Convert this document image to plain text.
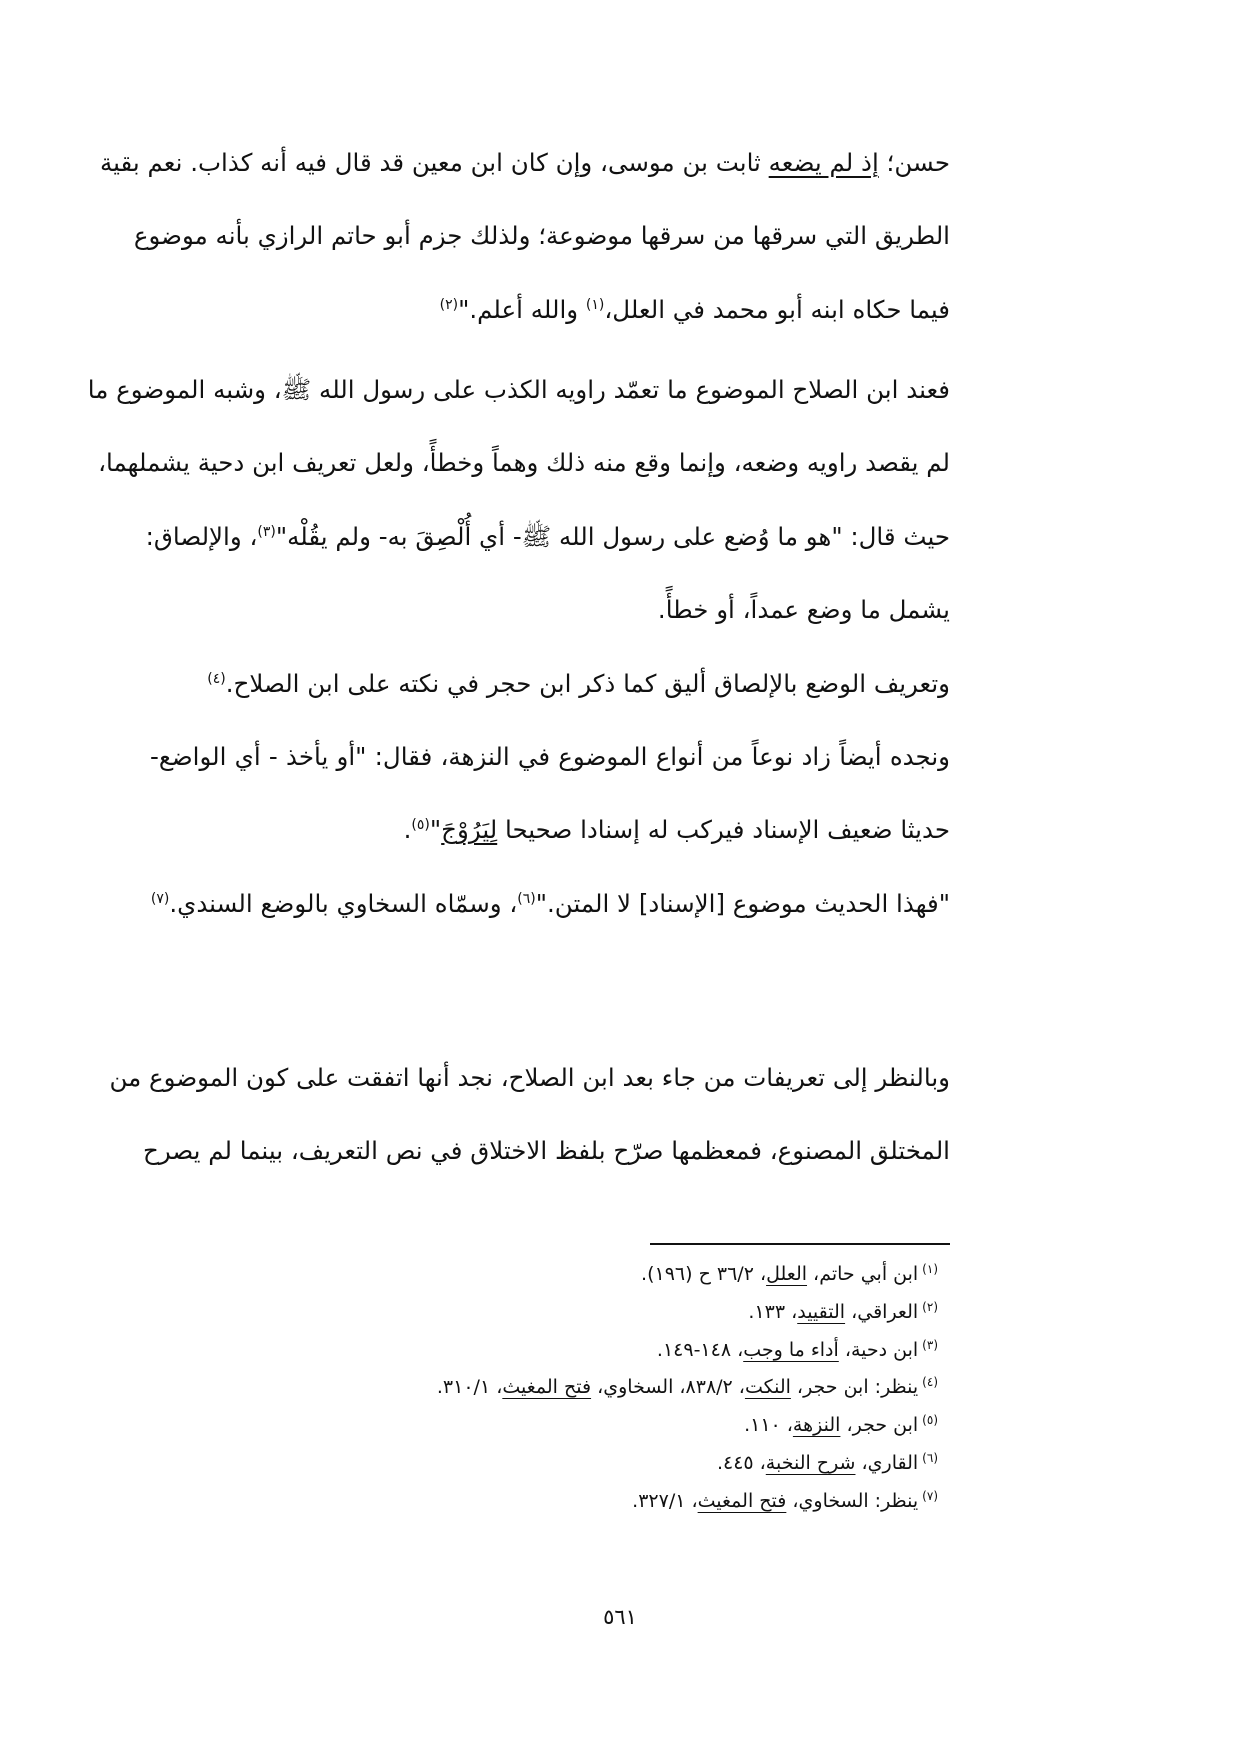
حسن؛ إذ لم يضعه ثابت بن موسى، وإن كان ابن معين قد قال فيه أنه كذاب. نعم بقية

الطريق التي سرقها من سرقها موضوعة؛ ولذلك جزم أبو حاتم الرازي بأنه موضوع

فيما حكاه ابنه أبو محمد في العلل،$^{(١)}$ والله أعلم."$^{(٢)}$

فعند ابن الصلاح الموضوع ما تعمّد راويه الكذب على رسول الله ﷺ، وشبه الموضوع ما

لم يقصد راويه وضعه، وإنما وقع منه ذلك وهماً وخطأً، ولعل تعريف ابن دحية يشملهما،

حيث قال: "هو ما وُضع على رسول الله ﷺ- أي أُلْصِقَ به- ولم يقُلْه"$^{(٣)}$، والإلصاق:

يشمل ما وضع عمداً، أو خطأً.

وتعريف الوضع بالإلصاق أليق كما ذكر ابن حجر في نكته على ابن الصلاح.$^{(٤)}$

ونجده أيضاً زاد نوعاً من أنواع الموضوع في النزهة، فقال: "أو يأخذ - أي الواضع-

حديثا ضعيف الإسناد فيركب له إسنادا صحيحا لِيَرُوْجَ"$^{(٥)}$.

"فهذا الحديث موضوع [الإسناد] لا المتن."$^{(٦)}$، وسمّاه السخاوي بالوضع السندي.$^{(٧)}$

وبالنظر إلى تعريفات من جاء بعد ابن الصلاح، نجد أنها اتفقت على كون الموضوع من

المختلق المصنوع، فمعظمها صرّح بلفظ الاختلاق في نص التعريف، بينما لم يصرح

$^{(١)}$ابن أبي حاتم، العلل، ٣٦/٢ ح (١٩٦).

$^{(٢)}$العراقي، التقييد، ١٣٣.

$^{(٣)}$ابن دحية، أداء ما وجب، ١٤٨-١٤٩.

$^{(٤)}$ينظر: ابن حجر، النكت، ٨٣٨/٢، السخاوي، فتح المغيث، ٣١٠/١.

$^{(٥)}$ابن حجر، النزهة، ١١٠.

$^{(٦)}$القاري، شرح النخبة، ٤٤٥.

$^{(٧)}$ينظر: السخاوي، فتح المغيث، ٣٢٧/١.

٥٦١
